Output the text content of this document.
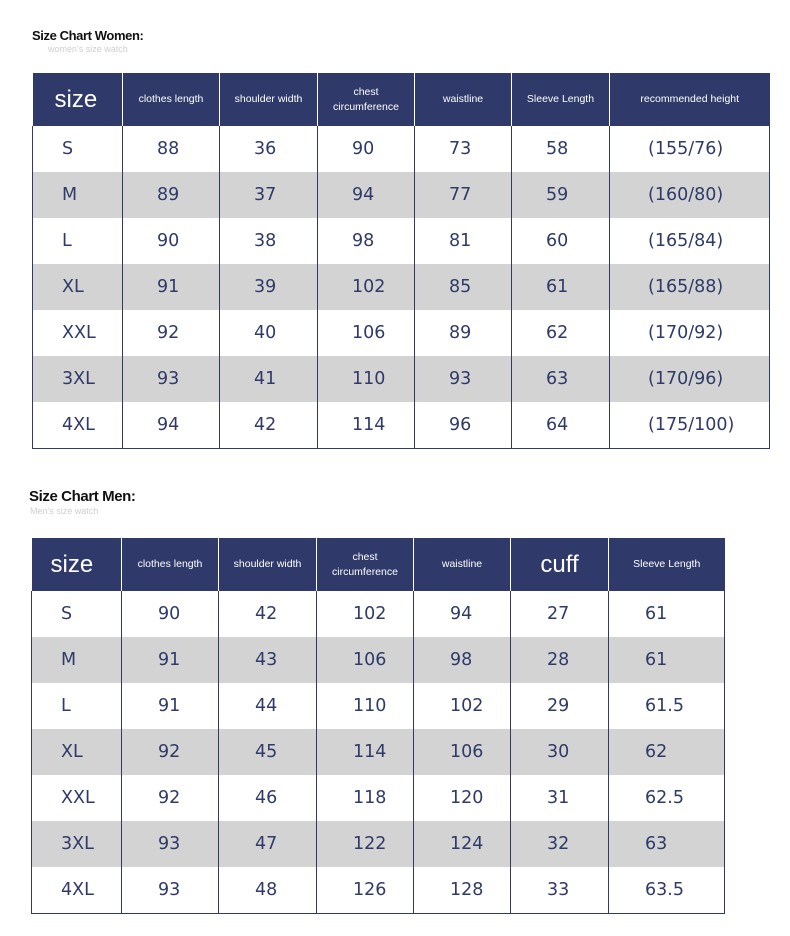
Size Chart Women:
women's size watch
size	clothes length	shoulder width	chest circumference	waistline	Sleeve Length	recommended height
S	88	36	90	73	58	(155/76)
M	89	37	94	77	59	(160/80)
L	90	38	98	81	60	(165/84)
XL	91	39	102	85	61	(165/88)
XXL	92	40	106	89	62	(170/92)
3XL	93	41	110	93	63	(170/96)
4XL	94	42	114	96	64	(175/100)
Size Chart Men:
Men's size watch
size	clothes length	shoulder width	chest circumference	waistline	cuff	Sleeve Length
S	90	42	102	94	27	61
M	91	43	106	98	28	61
L	91	44	110	102	29	61.5
XL	92	45	114	106	30	62
XXL	92	46	118	120	31	62.5
3XL	93	47	122	124	32	63
4XL	93	48	126	128	33	63.5
